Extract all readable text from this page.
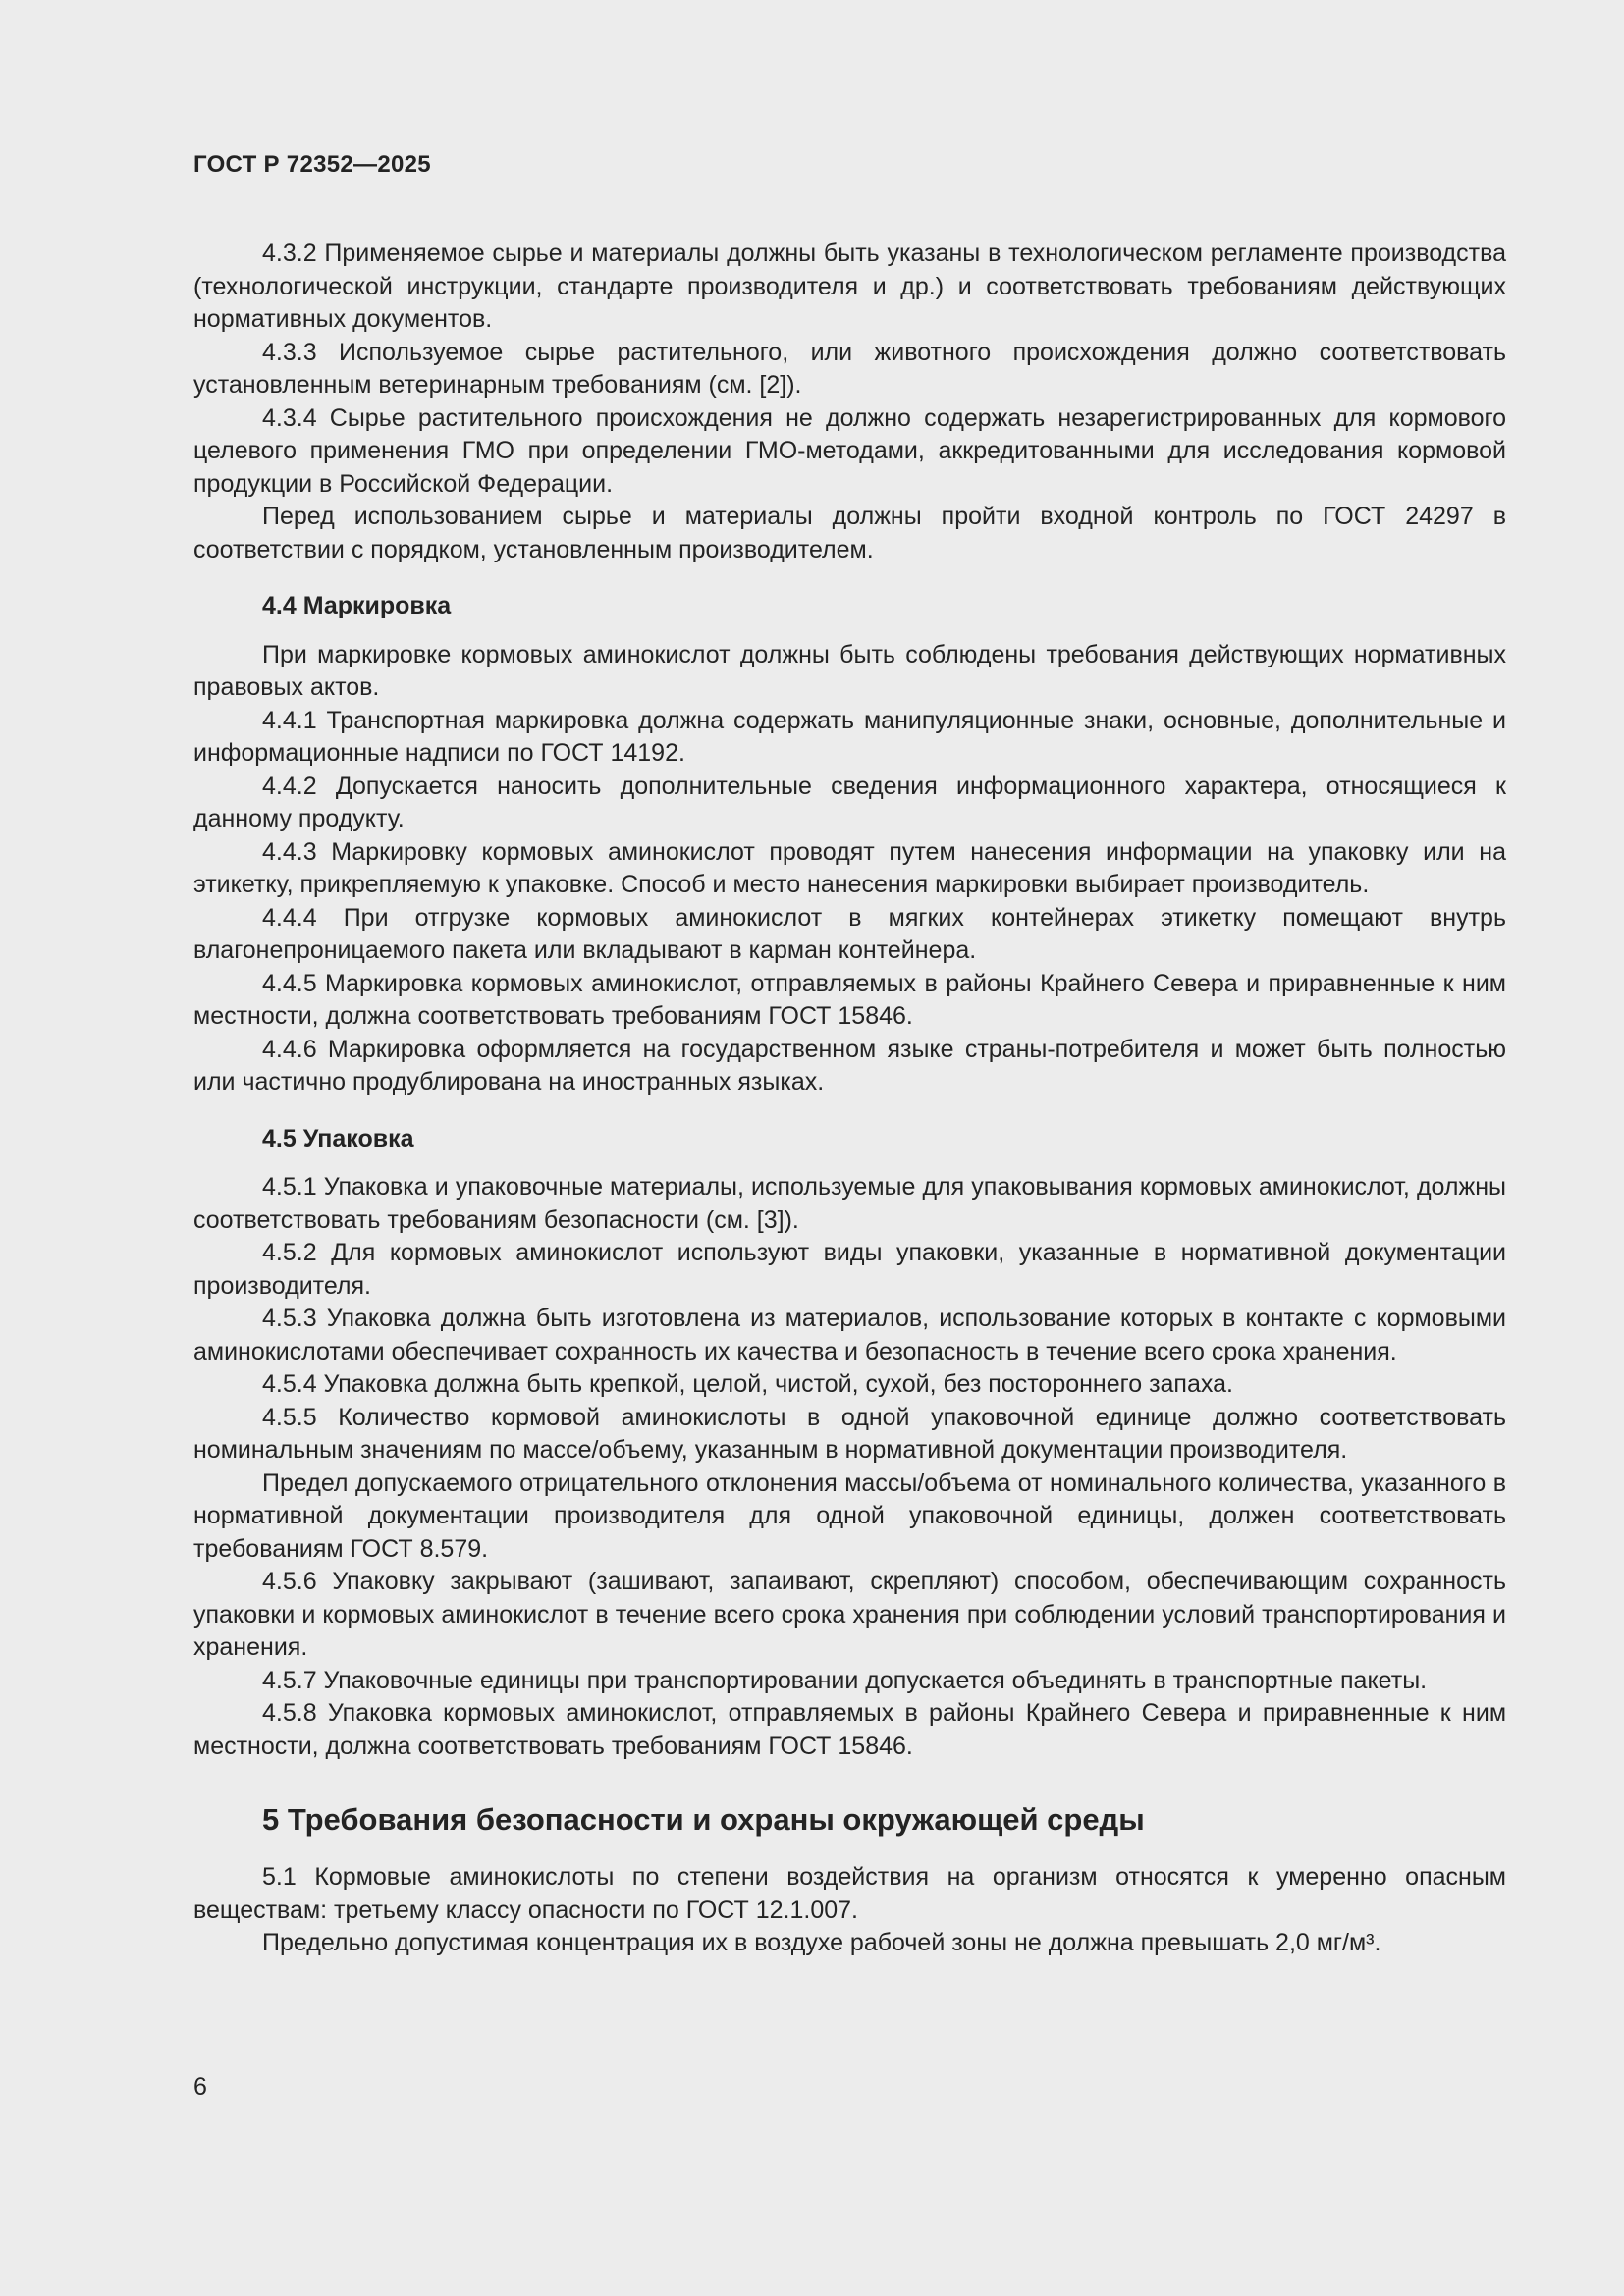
ГОСТ Р 72352—2025

4.3.2 Применяемое сырье и материалы должны быть указаны в технологическом регламенте производства (технологической инструкции, стандарте производителя и др.) и соответствовать требованиям действующих нормативных документов.

4.3.3 Используемое сырье растительного, или животного происхождения должно соответствовать установленным ветеринарным требованиям (см. [2]).

4.3.4 Сырье растительного происхождения не должно содержать незарегистрированных для кормового целевого применения ГМО при определении ГМО-методами, аккредитованными для исследования кормовой продукции в Российской Федерации.

Перед использованием сырье и материалы должны пройти входной контроль по ГОСТ 24297 в соответствии с порядком, установленным производителем.

4.4 Маркировка

При маркировке кормовых аминокислот должны быть соблюдены требования действующих нормативных правовых актов.

4.4.1 Транспортная маркировка должна содержать манипуляционные знаки, основные, дополнительные и информационные надписи по ГОСТ 14192.

4.4.2 Допускается наносить дополнительные сведения информационного характера, относящиеся к данному продукту.

4.4.3 Маркировку кормовых аминокислот проводят путем нанесения информации на упаковку или на этикетку, прикрепляемую к упаковке. Способ и место нанесения маркировки выбирает производитель.

4.4.4 При отгрузке кормовых аминокислот в мягких контейнерах этикетку помещают внутрь влагонепроницаемого пакета или вкладывают в карман контейнера.

4.4.5 Маркировка кормовых аминокислот, отправляемых в районы Крайнего Севера и приравненные к ним местности, должна соответствовать требованиям ГОСТ 15846.

4.4.6 Маркировка оформляется на государственном языке страны-потребителя и может быть полностью или частично продублирована на иностранных языках.

4.5 Упаковка

4.5.1 Упаковка и упаковочные материалы, используемые для упаковывания кормовых аминокислот, должны соответствовать требованиям безопасности (см. [3]).

4.5.2 Для кормовых аминокислот используют виды упаковки, указанные в нормативной документации производителя.

4.5.3 Упаковка должна быть изготовлена из материалов, использование которых в контакте с кормовыми аминокислотами обеспечивает сохранность их качества и безопасность в течение всего срока хранения.

4.5.4 Упаковка должна быть крепкой, целой, чистой, сухой, без постороннего запаха.

4.5.5 Количество кормовой аминокислоты в одной упаковочной единице должно соответствовать номинальным значениям по массе/объему, указанным в нормативной документации производителя.

Предел допускаемого отрицательного отклонения массы/объема от номинального количества, указанного в нормативной документации производителя для одной упаковочной единицы, должен соответствовать требованиям ГОСТ 8.579.

4.5.6 Упаковку закрывают (зашивают, запаивают, скрепляют) способом, обеспечивающим сохранность упаковки и кормовых аминокислот в течение всего срока хранения при соблюдении условий транспортирования и хранения.

4.5.7 Упаковочные единицы при транспортировании допускается объединять в транспортные пакеты.

4.5.8 Упаковка кормовых аминокислот, отправляемых в районы Крайнего Севера и приравненные к ним местности, должна соответствовать требованиям ГОСТ 15846.

5 Требования безопасности и охраны окружающей среды

5.1 Кормовые аминокислоты по степени воздействия на организм относятся к умеренно опасным веществам: третьему классу опасности по ГОСТ 12.1.007.

Предельно допустимая концентрация их в воздухе рабочей зоны не должна превышать 2,0 мг/м³.

6
